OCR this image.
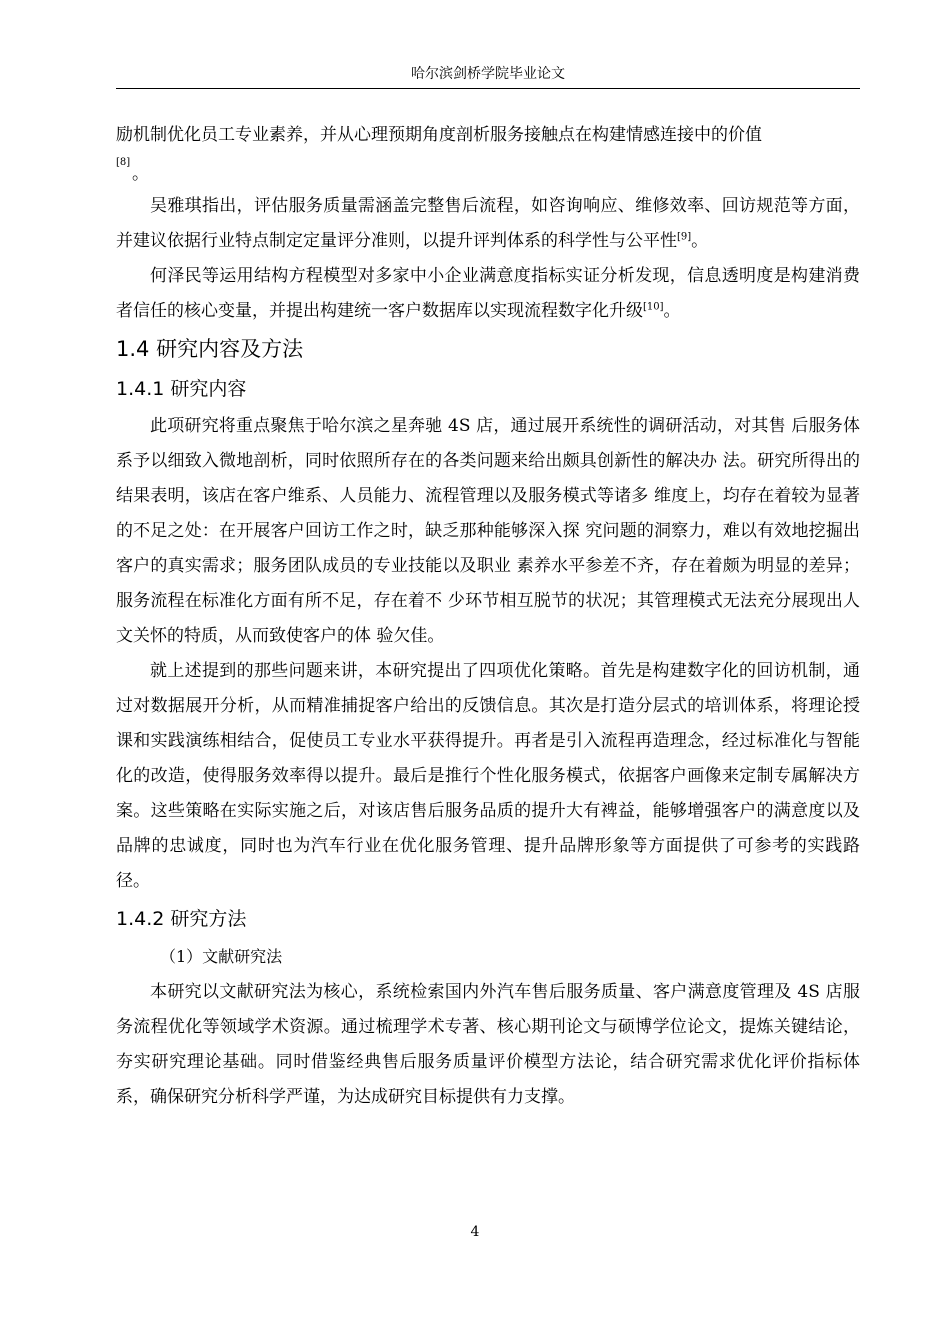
哈尔滨剑桥学院毕业论文

励机制优化员工专业素养，并从心理预期角度剖析服务接触点在构建情感连接中的价值

[8]
。

吴雅琪指出，评估服务质量需涵盖完整售后流程，如咨询响应、维修效率、回访规范等方面，并建议依据行业特点制定定量评分准则，以提升评判体系的科学性与公平性[9]。

何泽民等运用结构方程模型对多家中小企业满意度指标实证分析发现，信息透明度是构建消费者信任的核心变量，并提出构建统一客户数据库以实现流程数字化升级[10]。

1.4 研究内容及方法
1.4.1 研究内容

此项研究将重点聚焦于哈尔滨之星奔驰 4S 店，通过展开系统性的调研活动，对其售 后服务体系予以细致入微地剖析，同时依照所存在的各类问题来给出颇具创新性的解决办 法。研究所得出的结果表明，该店在客户维系、人员能力、流程管理以及服务模式等诸多 维度上，均存在着较为显著的不足之处：在开展客户回访工作之时，缺乏那种能够深入探 究问题的洞察力，难以有效地挖掘出客户的真实需求；服务团队成员的专业技能以及职业 素养水平参差不齐，存在着颇为明显的差异；服务流程在标准化方面有所不足，存在着不 少环节相互脱节的状况；其管理模式无法充分展现出人文关怀的特质，从而致使客户的体 验欠佳。

就上述提到的那些问题来讲，本研究提出了四项优化策略。首先是构建数字化的回访机制，通过对数据展开分析，从而精准捕捉客户给出的反馈信息。其次是打造分层式的培训体系，将理论授课和实践演练相结合，促使员工专业水平获得提升。再者是引入流程再造理念，经过标准化与智能化的改造，使得服务效率得以提升。最后是推行个性化服务模式，依据客户画像来定制专属解决方案。这些策略在实际实施之后，对该店售后服务品质的提升大有裨益，能够增强客户的满意度以及品牌的忠诚度，同时也为汽车行业在优化服务管理、提升品牌形象等方面提供了可参考的实践路径。

1.4.2 研究方法

（1）文献研究法

本研究以文献研究法为核心，系统检索国内外汽车售后服务质量、客户满意度管理及 4S 店服务流程优化等领域学术资源。通过梳理学术专著、核心期刊论文与硕博学位论文，提炼关键结论，夯实研究理论基础。同时借鉴经典售后服务质量评价模型方法论，结合研究需求优化评价指标体系，确保研究分析科学严谨，为达成研究目标提供有力支撑。

4
